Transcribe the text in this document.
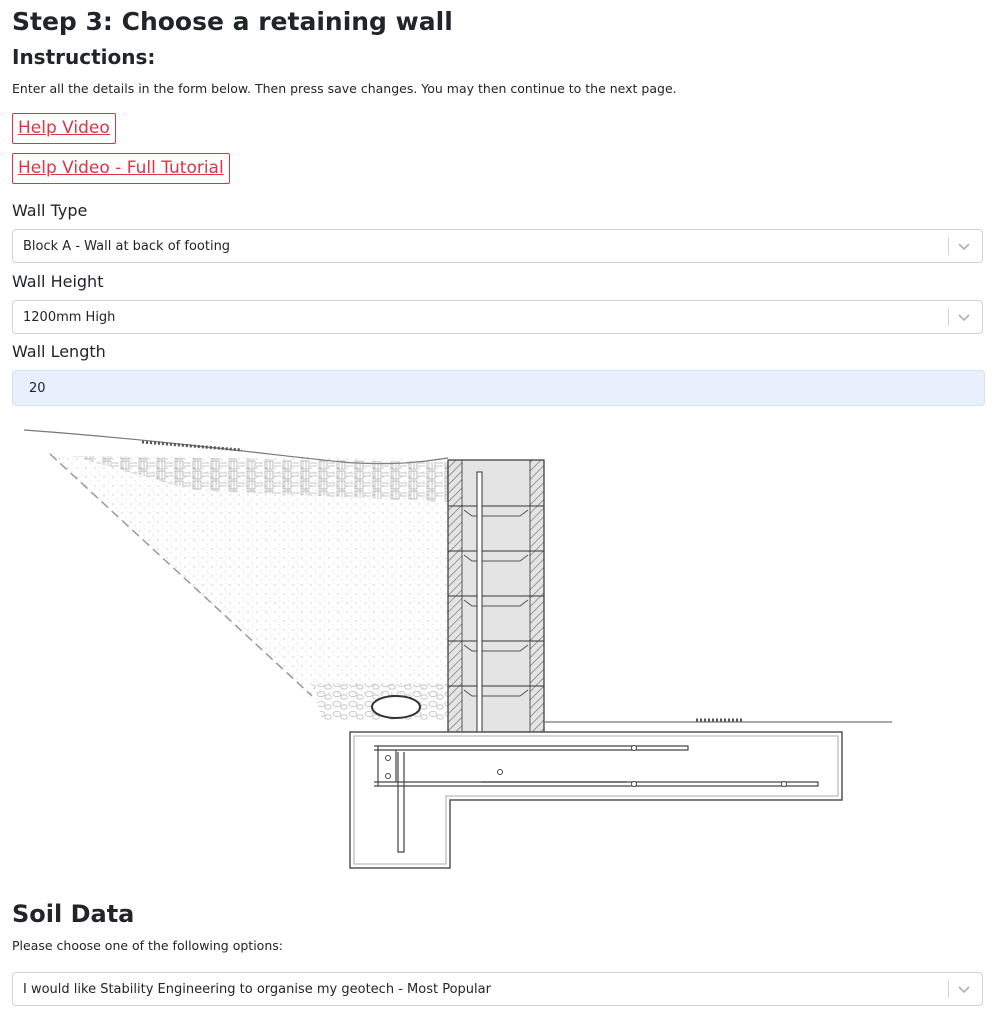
Step 3: Choose a retaining wall
Instructions:
Enter all the details in the form below. Then press save changes. You may then continue to the next page.
Help Video
Help Video - Full Tutorial
Wall Type
Block A - Wall at back of footing
Wall Height
1200mm High
Wall Length
20
Soil Data
Please choose one of the following options:
I would like Stability Engineering to organise my geotech - Most Popular
